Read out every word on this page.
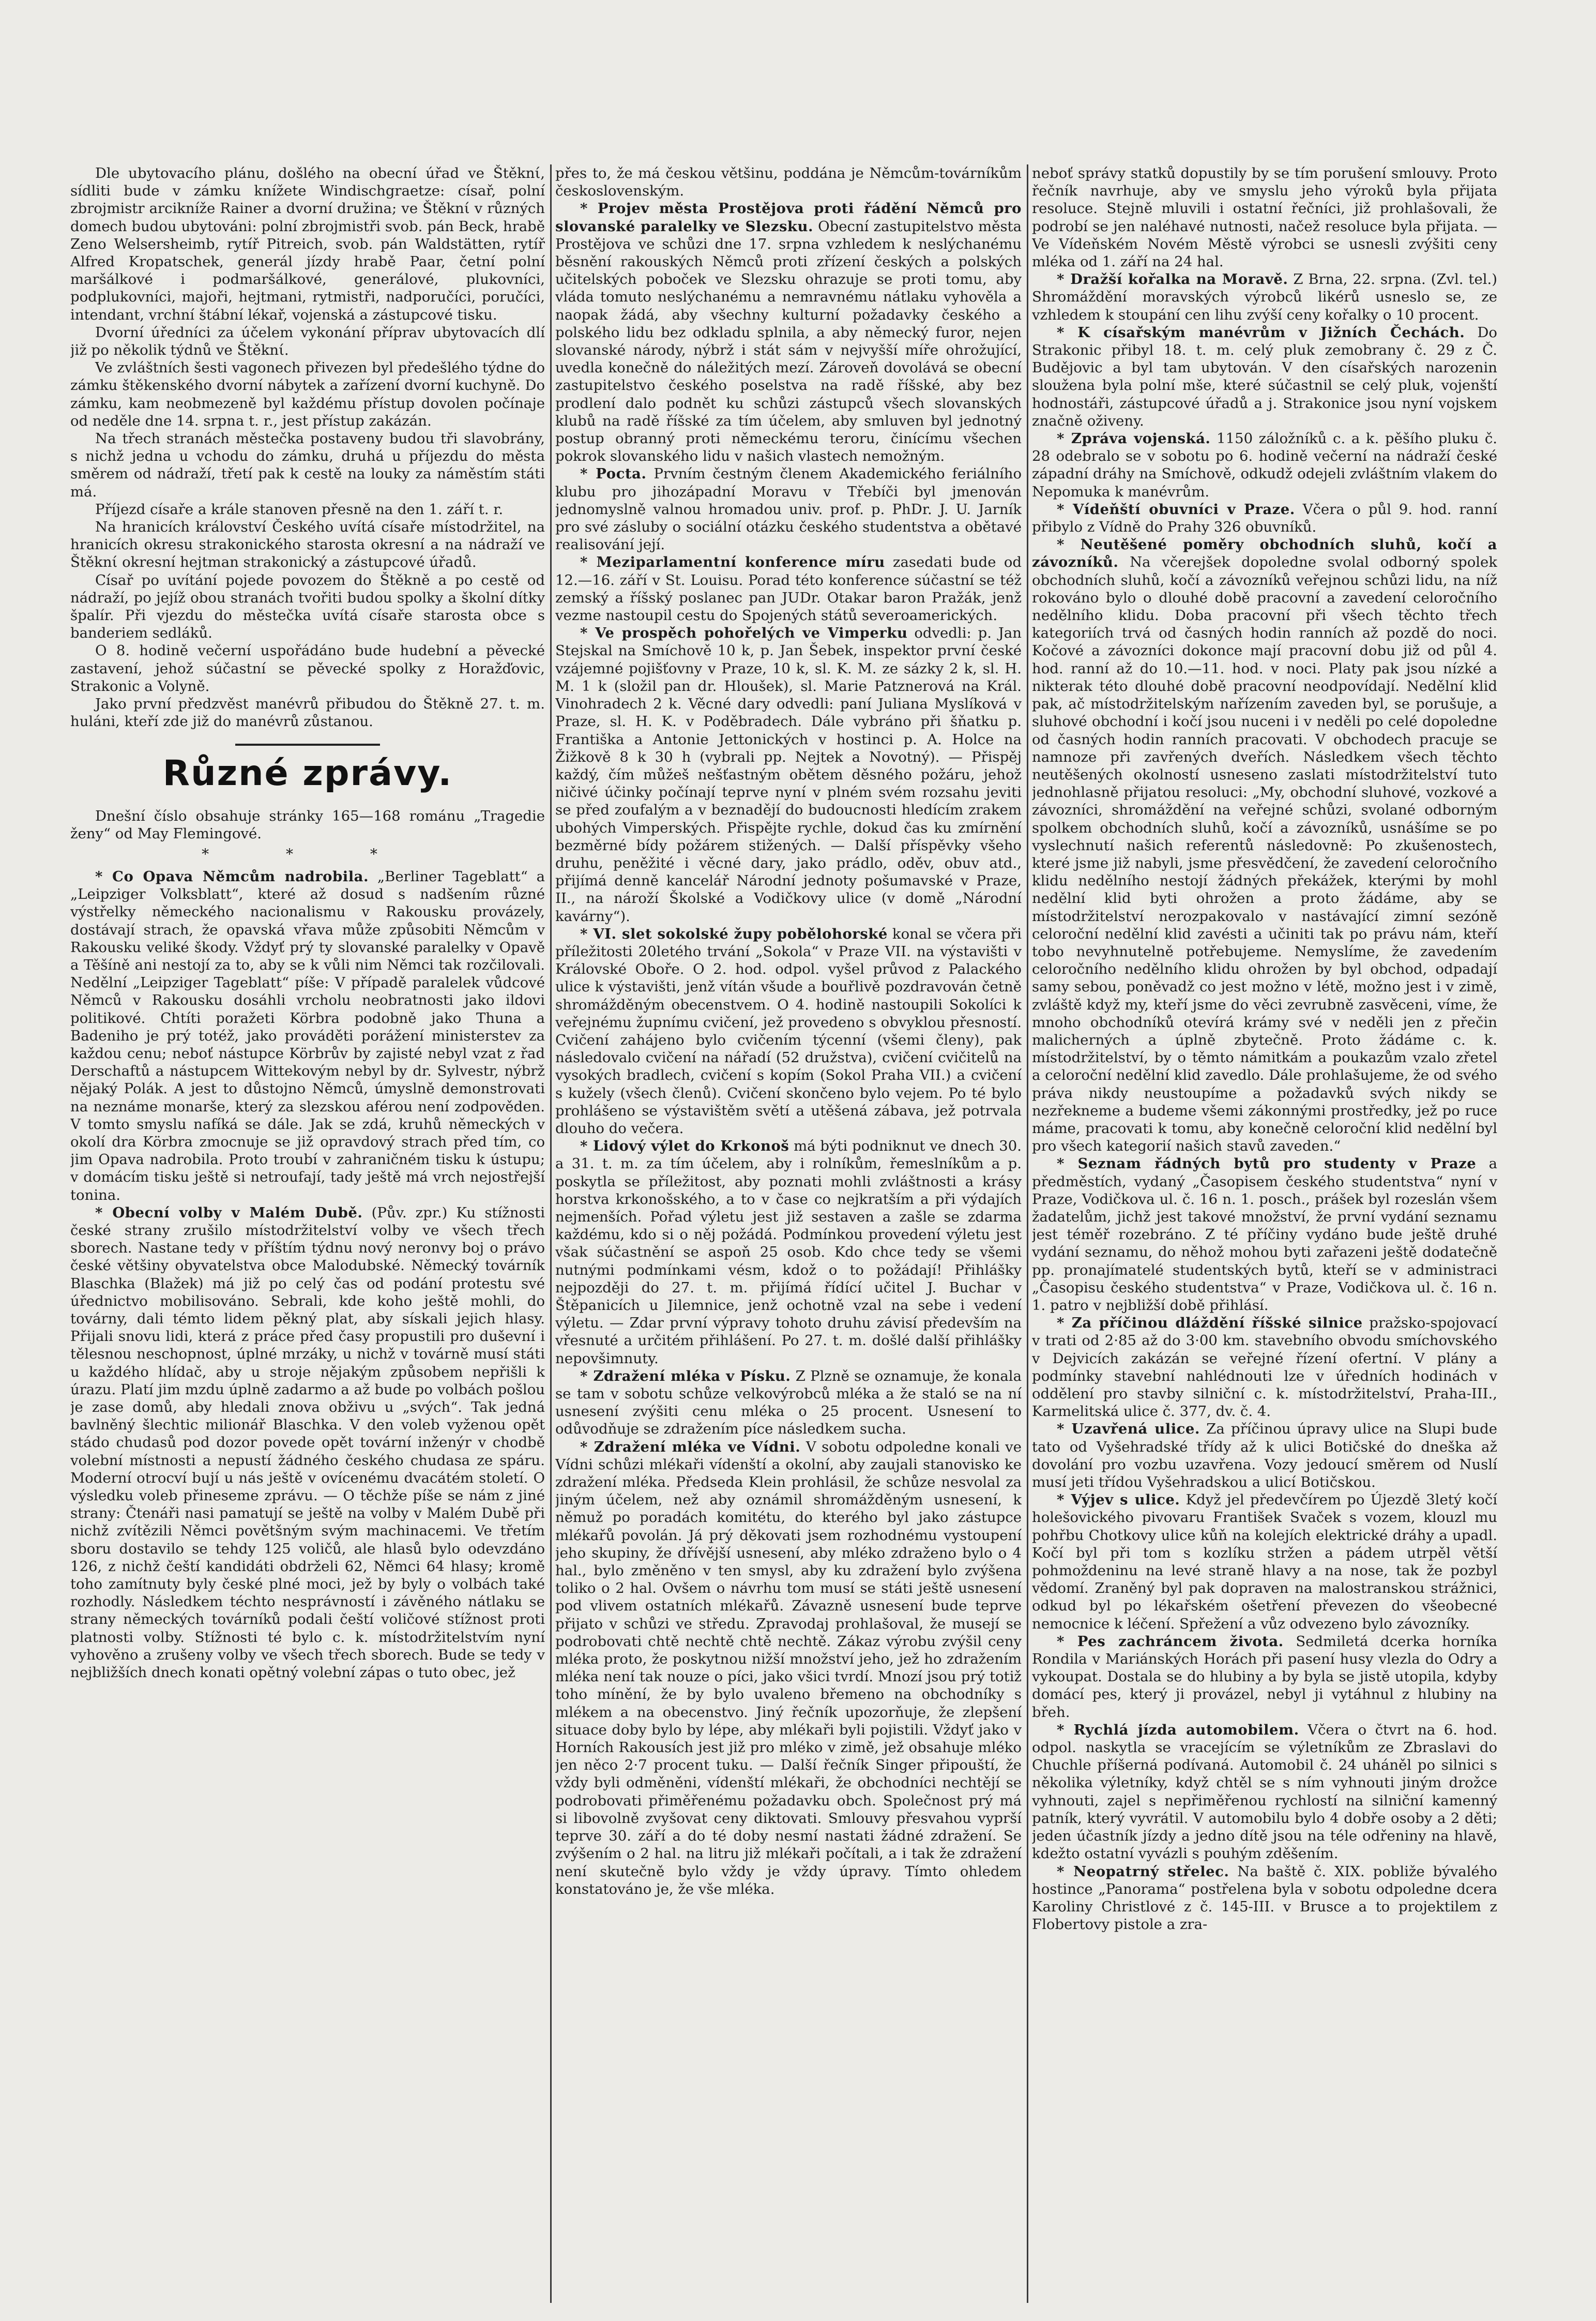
Dle ubytovacího plánu, došlého na obecní úřad ve Štěknί, sídliti bude v zámku knížete Windischgraetze: císař, polní zbrojmistr arcikníže Rainer a dvorní družina; ve Štěknί v různých domech budou ubytováni: polní zbrojmistři svob. pán Beck, hrabě Zeno Welsersheimb, rytíř Pitreich, svob. pán Waldstätten, rytíř Alfred Kropatschek, generál jízdy hrabě Paar, četní polní maršálkové i podmaršálkové, generálové, plukovníci, podplukovníci, majoři, hejtmani, rytmistři, nadporučíci, poručíci, intendant, vrchní štábní lékař, vojenská a zástupcové tisku.

Dvorní úředníci za účelem vykonání příprav ubytovacích dlí již po několik týdnů ve Štěknί.

Ve zvláštních šesti vagonech přivezen byl předešlého týdne do zámku štěkenského dvorní nábytek a zařízení dvorní kuchyně. Do zámku, kam neobmezeně byl každému přístup dovolen počínaje od neděle dne 14. srpna t. r., jest přístup zakázán.

Na třech stranách městečka postaveny budou tři slavobrány, s nichž jedna u vchodu do zámku, druhá u příjezdu do města směrem od nádraží, třetí pak k cestě na louky za náměstím státi má.

Příjezd císaře a krále stanoven přesně na den 1. září t. r.

Na hranicích království Českého uvítá císaře místodržitel, na hranicích okresu strakonického starosta okresní a na nádraží ve Štěknί okresní hejtman strakonický a zástupcové úřadů.

Císař po uvítání pojede povozem do Štěkně a po cestě od nádraží, po jejíž obou stranách tvořiti budou spolky a školní dítky špalír. Při vjezdu do městečka uvítá císaře starosta obce s banderiem sedláků.

O 8. hodině večerní uspořádáno bude hudební a pěvecké zastavení, jehož súčastní se pěvecké spolky z Horažďovic, Strakonic a Volyně.

Jako první předzvěst manévrů přibudou do Štěkně 27. t. m. huláni, kteří zde již do manévrů zůstanou.

Různé zprávy.

Dnešní číslo obsahuje stránky 165—168 románu „Tragedie ženy“ od May Flemingové.

* * *

* Co Opava Němcům nadrobila. „Berliner Tageblatt“ a „Leipziger Volksblatt“, které až dosud s nadšením různé výstřelky německého nacionalismu v Rakousku provázely, dostávají strach, že opavská vřava může způsobiti Němcům v Rakousku veliké škody. Vždyť prý ty slovanské paralelky v Opavě a Těšíně ani nestojí za to, aby se k vůli nim Němci tak rozčilovali. Nedělní „Leipziger Tageblatt“ píše: V případě paralelek vůdcové Němců v Rakousku dosáhli vrcholu neobratnosti jako ildovi politikové. Chtíti poražeti Körbra podobně jako Thuna a Badeniho je prý totéž, jako prováděti porážení ministerstev za každou cenu; neboť nástupce Körbrův by zajisté nebyl vzat z řad Derschaftů a nástupcem Wittekovým nebyl by dr. Sylvestr, nýbrž nějaký Polák. A jest to důstojno Němců, úmyslně demonstrovati na neznáme monarše, který za slezskou aférou není zodpověden. V tomto smyslu nafíká se dále. Jak se zdá, kruhů německých v okolí dra Körbra zmocnuje se již opravdový strach před tím, co jim Opava nadrobila. Proto troubí v zahraničném tisku k ústupu; v domácím tisku ještě si netroufají, tady ještě má vrch nejostřejší tonina.

* Obecní volby v Malém Dubě. (Pův. zpr.) Ku stížnosti české strany zrušilo místodržitelství volby ve všech třech sborech. Nastane tedy v příštím týdnu nový neronvy boj o právo české většiny obyvatelstva obce Malodubské. Německý továrník Blaschka (Blažek) má již po celý čas od podání protestu své úřednictvo mobilisováno. Sebrali, kde koho ještě mohli, do továrny, dali témto lidem pěkný plat, aby sískali jejich hlasy. Přijali snovu lidi, která z práce před časy propustili pro duševní i tělesnou neschopnost, úplné mrzáky, u nichž v továrně musí státi u každého hlídač, aby u stroje nějakým způsobem nepřišli k úrazu. Platí jim mzdu úplně zadarmo a až bude po volbách pošlou je zase domů, aby hledali znova obživu u „svých“. Tak jedná bavlněný šlechtic milionář Blaschka. V den voleb vyženou opět stádo chudasů pod dozor povede opět tovární inženýr v chodbě volební místnosti a nepustí žádného českého chudasa ze spáru. Moderní otrocví bují u nás ještě v ovícenému dvacátém století. O výsledku voleb přineseme zprávu. — O těchže píše se nám z jiné strany: Čtenáři nasi pamatují se ještě na volby v Malém Dubě při nichž zvítězili Němci povětšným svým machinacemi. Ve třetím sboru dostavilo se tehdy 125 voličů, ale hlasů bylo odevzdáno 126, z nichž čeští kandidáti obdrželi 62, Němci 64 hlasy; kromě toho zamítnuty byly české plné moci, jež by byly o volbách také rozhodly. Následkem téchto nesprávností i závěného nátlaku se strany německých továrníků podali čeští voličové stížnost proti platnosti volby. Stížnosti té bylo c. k. místodržitelstvím nyní vyhověno a zrušeny volby ve všech třech sborech. Bude se tedy v nejbližších dnech konati opětný volební zápas o tuto obec, jež

přes to, že má českou většinu, poddána je Němcům-továrníkům československým.

* Projev města Prostějova proti řádění Němců pro slovanské paralelky ve Slezsku. Obecní zastupitelstvo města Prostějova ve schůzi dne 17. srpna vzhledem k neslýchanému běsnění rakouských Němců proti zřízení českých a polských učitelských poboček ve Slezsku ohrazuje se proti tomu, aby vláda tomuto neslýchanému a nemravnému nátlaku vyhověla a naopak žádá, aby všechny kulturní požadavky českého a polského lidu bez odkladu splnila, a aby německý furor, nejen slovanské národy, nýbrž i stát sám v nejvyšší míře ohrožující, uvedla konečně do náležitých mezí. Zároveň dovolává se obecní zastupitelstvo českého poselstva na radě říšské, aby bez prodlení dalo podnět ku schůzi zástupců všech slovanských klubů na radě říšské za tím účelem, aby smluven byl jednotný postup obranný proti německému teroru, činícímu všechen pokrok slovanského lidu v našich vlastech nemožným.

* Pocta. Prvním čestným členem Akademického feriálního klubu pro jihozápadní Moravu v Třebíči byl jmenován jednomyslně valnou hromadou univ. prof. p. PhDr. J. U. Jarník pro své zásluby o sociální otázku českého studentstva a obětavé realisování její.

* Meziparlamentní konference míru zasedati bude od 12.—16. září v St. Louisu. Porad této konference súčastní se též zemský a říšský poslanec pan JUDr. Otakar baron Pražák, jenž vezme nastoupil cestu do Spojených států severoamerických.

* Ve prospěch pohořelých ve Vimperku odvedli: p. Jan Stejskal na Smíchově 10 k, p. Jan Šebek, inspektor první české vzájemné pojišťovny v Praze, 10 k, sl. K. M. ze sázky 2 k, sl. H. M. 1 k (složil pan dr. Hloušek), sl. Marie Patznerová na Král. Vinohradech 2 k. Věcné dary odvedli: paní Juliana Myslíková v Praze, sl. H. K. v Poděbradech. Dále vybráno při šňatku p. Františka a Antonie Jettonických v hostinci p. A. Holce na Žižkově 8 k 30 h (vybrali pp. Nejtek a Novotný). — Přispěj každý, čím můžeš nešťastným obětem děsného požáru, jehož ničivé účinky počínají teprve nyní v plném svém rozsahu jeviti se před zoufalým a v beznadějí do budoucnosti hledícím zrakem ubohých Vimperských. Přispějte rychle, dokud čas ku zmírnění bezměrné bídy požárem stižených. — Další příspěvky všeho druhu, peněžité i věcné dary, jako prádlo, oděv, obuv atd., přijímá denně kancelář Národní jednoty pošumavské v Praze, II., na nároží Školské a Vodičkovy ulice (v domě „Národní kavárny“).

* VI. slet sokolské župy pobělohorské konal se včera při příležitosti 20letého trvání „Sokola“ v Praze VII. na výstavišti v Královské Oboře. O 2. hod. odpol. vyšel průvod z Palackého ulice k výstavišti, jenž vítán všude a bouřlivě pozdravován četně shromážděným obecenstvem. O 4. hodině nastoupili Sokolíci k veřejnému župnímu cvičení, jež provedeno s obvyklou přesností. Cvičení zahájeno bylo cvičením týcenní (všemi členy), pak následovalo cvičení na nářadí (52 družstva), cvičení cvičitelů na vysokých bradlech, cvičení s kopím (Sokol Praha VII.) a cvičení s kužely (všech členů). Cvičení skončeno bylo vejem. Po té bylo prohlášeno se výstavištěm světí a utěšená zábava, jež potrvala dlouho do večera.

* Lidový výlet do Krkonoš má býti podniknut ve dnech 30. a 31. t. m. za tím účelem, aby i rolníkům, řemeslníkům a p. poskytla se příležitost, aby poznati mohli zvláštnosti a krásy horstva krkonošského, a to v čase co nejkratším a při výdajích nejmenších. Pořad výletu jest již sestaven a zašle se zdarma každému, kdo si o něj požádá. Podmínkou provedení výletu jest však súčastnění se aspoň 25 osob. Kdo chce tedy se všemi nutnými podmínkami vésm, kdož o to požádají! Přihlášky nejpozději do 27. t. m. přijímá řídící učitel J. Buchar v Štěpanicích u Jilemnice, jenž ochotně vzal na sebe i vedení výletu. — Zdar první výpravy tohoto druhu závisí především na vřesnuté a určitém přihlášení. Po 27. t. m. došlé další přihlášky nepovšimnuty.

* Zdražení mléka v Písku. Z Plzně se oznamuje, že konala se tam v sobotu schůze velkovýrobců mléka a že staló se na ní usnesení zvýšiti cenu mléka o 25 procent. Usnesení to odůvodňuje se zdražením píce následkem sucha.

* Zdražení mléka ve Vídni. V sobotu odpoledne konali ve Vídni schůzi mlékaři vídenští a okolní, aby zaujali stanovisko ke zdražení mléka. Předseda Klein prohlásil, že schůze nesvolal za jiným účelem, než aby oznámil shromážděným usnesení, k němuž po poradách komitétu, do kterého byl jako zástupce mlékařů povolán. Já prý děkovati jsem rozhodnému vystoupení jeho skupiny, že dřívější usnesení, aby mléko zdraženo bylo o 4 hal., bylo změněno v ten smysl, aby ku zdražení bylo zvýšena toliko o 2 hal. Ovšem o návrhu tom musí se státi ještě usnesení pod vlivem ostatních mlékařů. Závazně usnesení bude teprve přijato v schůzi ve středu. Zpravodaj prohlašoval, že musejí se podrobovati chtě nechtě chtě nechtě. Zákaz výrobu zvýšil ceny mléka proto, že poskytnou nižší množství jeho, jež ho zdražením mléka není tak nouze o píci, jako všici tvrdí. Mnozí jsou prý totiž toho mínění, že by bylo uvaleno břemeno na obchodníky s mlékem a na obecenstvo. Jiný řečník upozorňuje, že zlepšení situace doby bylo by lépe, aby mlékaři byli pojistili. Vždyť jako v Horních Rakousích jest již pro mléko v zimě, jež obsahuje mléko jen něco 2·7 procent tuku. — Další řečník Singer připouští, že vždy byli odměněni, vídenští mlékaři, že obchodníci nechtějí se podrobovati přiměřenému požadavku obch. Společnost prý má si libovolně zvyšovat ceny diktovati. Smlouvy přesvahou vyprší teprve 30. září a do té doby nesmí nastati žádné zdražení. Se zvýšením o 2 hal. na litru již mlékaři počítali, a i tak že zdražení není skutečně bylo vždy je vždy úpravy. Tímto ohledem konstatováno je, že vše mléka.

neboť správy statků dopustily by se tím porušení smlouvy. Proto řečník navrhuje, aby ve smyslu jeho výroků byla přijata resoluce. Stejně mluvili i ostatní řečníci, již prohlašovali, že podrobí se jen naléhavé nutnosti, načež resoluce byla přijata. — Ve Vídeňském Novém Městě výrobci se usnesli zvýšiti ceny mléka od 1. září na 24 hal.

* Dražší kořalka na Moravě. Z Brna, 22. srpna. (Zvl. tel.) Shromáždění moravských výrobců likérů usneslo se, ze vzhledem k stoupání cen lihu zvýší ceny kořalky o 10 procent.

* K císařským manévrům v Jižních Čechách. Do Strakonic přibyl 18. t. m. celý pluk zemobrany č. 29 z Č. Budějovic a byl tam ubytován. V den císařských narozenin sloužena byla polní mše, které súčastnil se celý pluk, vojenští hodnostáři, zástupcové úřadů a j. Strakonice jsou nyní vojskem značně oživeny.

* Zpráva vojenská. 1150 záložníků c. a k. pěšího pluku č. 28 odebralo se v sobotu po 6. hodině večerní na nádraží české západní dráhy na Smíchově, odkudž odejeli zvláštním vlakem do Nepomuka k manévrům.

* Vídeňští obuvníci v Praze. Včera o půl 9. hod. ranní přibylo z Vídně do Prahy 326 obuvníků.

* Neutěšené poměry obchodních sluhů, kočí a závozníků. Na včerejšek dopoledne svolal odborný spolek obchodních sluhů, kočí a závozníků veřejnou schůzi lidu, na níž rokováno bylo o dlouhé době pracovní a zavedení celoročního nedělního klidu. Doba pracovní při všech těchto třech kategoriích trvá od časných hodin ranních až pozdě do noci. Kočové a závozníci dokonce mají pracovní dobu již od půl 4. hod. ranní až do 10.—11. hod. v noci. Platy pak jsou nízké a nikterak této dlouhé době pracovní neodpovídají. Nedělní klid pak, ač místodržitelským nařízením zaveden byl, se porušuje, a sluhové obchodní i kočí jsou nuceni i v neděli po celé dopoledne od časných hodin ranních pracovati. V obchodech pracuje se namnoze při zavřených dveřích. Následkem všech těchto neutěšených okolností usneseno zaslati místodržitelství tuto jednohlasně přijatou resoluci: „My, obchodní sluhové, vozkové a závozníci, shromáždění na veřejné schůzi, svolané odborným spolkem obchodních sluhů, kočí a závozníků, usnášíme se po vyslechnutí našich referentů následovně: Po zkušenostech, které jsme již nabyli, jsme přesvědčení, že zavedení celoročního klidu nedělního nestojí žádných překážek, kterými by mohl nedělní klid byti ohrožen a proto žádáme, aby se místodržitelství nerozpakovalo v nastávající zimní sezóně celoroční nedělní klid zavésti a učiniti tak po právu nám, kteří tobo nevyhnutelně potřebujeme. Nemyslíme, že zavedením celoročního nedělního klidu ohrožen by byl obchod, odpadají samy sebou, poněvadž co jest možno v létě, možno jest i v zimě, zvláště když my, kteří jsme do věci zevrubně zasvěceni, víme, že mnoho obchodníků otevírá krámy své v neděli jen z přečin malicherných a úplně zbytečně. Proto žádáme c. k. místodržitelství, by o těmto námitkám a poukazům vzalo zřetel a celoroční nedělní klid zavedlo. Dále prohlašujeme, že od svého práva nikdy neustoupíme a požadavků svých nikdy se nezřekneme a budeme všemi zákonnými prostředky, jež po ruce máme, pracovati k tomu, aby konečně celoroční klid nedělní byl pro všech kategorií našich stavů zaveden.“

* Seznam řádných bytů pro studenty v Praze a předměstích, vydaný „Časopisem českého studentstva“ nyní v Praze, Vodičkova ul. č. 16 n. 1. posch., prášek byl rozeslán všem žadatelům, jichž jest takové množství, že první vydání seznamu jest téměř rozebráno. Z té příčiny vydáno bude ještě druhé vydání seznamu, do něhož mohou byti zařazeni ještě dodatečně pp. pronajímatelé studentských bytů, kteří se v administraci „Časopisu českého studentstva“ v Praze, Vodičkova ul. č. 16 n. 1. patro v nejbližší době přihlásí.

* Za příčinou dláždění říšské silnice pražsko-spojovací v trati od 2·85 až do 3·00 km. stavebního obvodu smíchovského v Dejvicích zakázán se veřejné řízení ofertní. V plány a podmínky stavební nahlédnouti lze v úředních hodinách v oddělení pro stavby silniční c. k. místodržitelství, Praha-III., Karmelitská ulice č. 377, dv. č. 4.

* Uzavřená ulice. Za příčinou úpravy ulice na Slupi bude tato od Vyšehradské třídy až k ulici Botičské do dneška až dovolání pro vozbu uzavřena. Vozy jedoucí směrem od Nuslí musí jeti třídou Vyšehradskou a ulicí Botičskou.

* Výjev s ulice. Když jel předevčírem po Újezdě 3letý kočí holešovického pivovaru František Svaček s vozem, klouzl mu pohřbu Chotkovy ulice kůň na kolejích elektrické dráhy a upadl. Kočí byl při tom s kozlíku stržen a pádem utrpěl větší pohmoždeninu na levé straně hlavy a na nose, tak že pozbyl vědomí. Zraněný byl pak dopraven na malostranskou strážnici, odkud byl po lékařském ošetření převezen do všeobecné nemocnice k léčení. Spřežení a vůz odvezeno bylo závozníky.

* Pes zachráncem života. Sedmiletá dcerka horníka Rondila v Mariánských Horách při pasení husy vlezla do Odry a vykoupat. Dostala se do hlubiny a by byla se jistě utopila, kdyby domácí pes, který ji provázel, nebyl ji vytáhnul z hlubiny na břeh.

* Rychlá jízda automobilem. Včera o čtvrt na 6. hod. odpol. naskytla se vracejícím se výletníkům ze Zbraslavi do Chuchle příšerná podívaná. Automobil č. 24 uháněl po silnici s několika výletníky, když chtěl se s ním vyhnouti jiným drožce vyhnouti, zajel s nepřiměřenou rychlostí na silniční kamenný patník, který vyvrátil. V automobilu bylo 4 dobře osoby a 2 děti; jeden účastník jízdy a jedno dítě jsou na téle odřeniny na hlavě, kdežto ostatní vyvázli s pouhým zděšením.

* Neopatrný střelec. Na baště č. XIX. pobliže bývalého hostince „Panorama“ postřelena byla v sobotu odpoledne dcera Karoliny Christlové z č. 145-III. v Brusce a to projektilem z Flobertovy pistole a zra-
